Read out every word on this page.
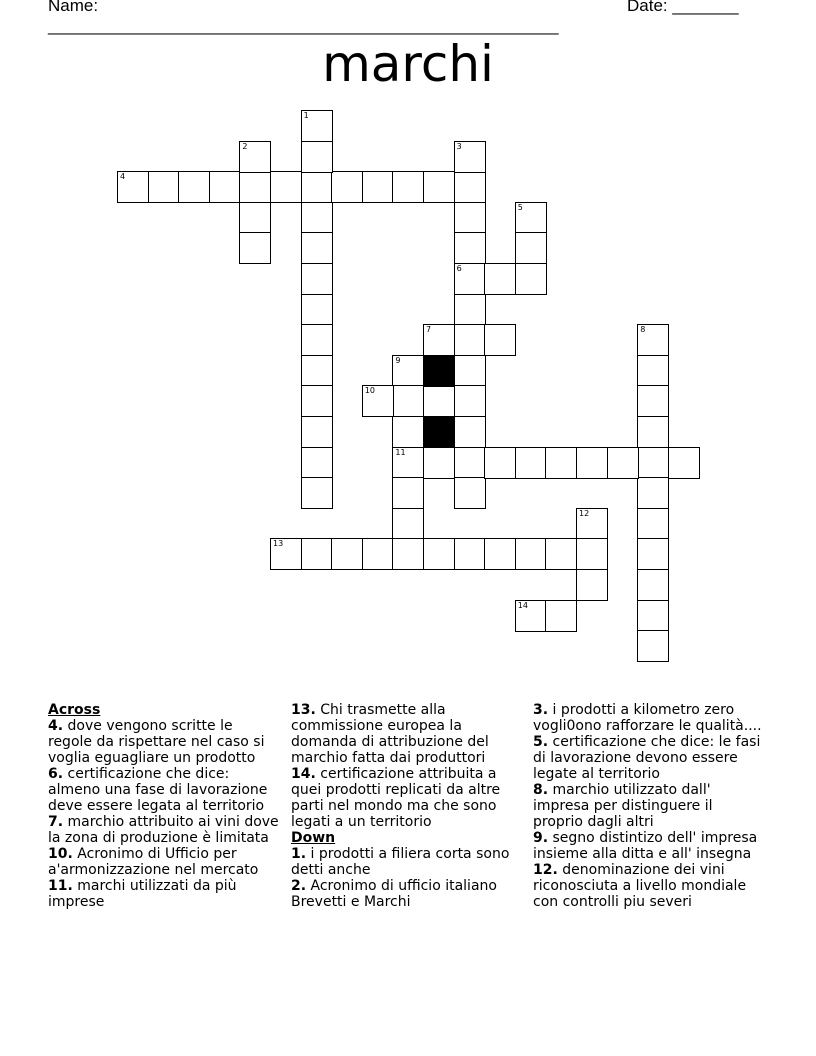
Name: ______________________________________________________
Date: _______
marchi
4
1
2	3
6
5
7	8
9
11
10
12
13
14
Across
4. dove vengono scritte le regole da rispettare nel caso si voglia eguagliare un prodotto
6. certificazione che dice: almeno una fase di lavorazione deve essere legata al territorio
7. marchio attribuito ai vini dove la zona di produzione è limitata
10. Acronimo di Ufficio per a'armonizzazione nel mercato
11. marchi utilizzati da più imprese
13. Chi trasmette alla commissione europea la domanda di attribuzione del marchio fatta dai produttori
14. certificazione attribuita a quei prodotti replicati da altre parti nel mondo ma che sono legati a un territorio
Down
1. i prodotti a filiera corta sono detti anche
2. Acronimo di ufficio italiano Brevetti e Marchi
3. i prodotti a kilometro zero vogli0ono rafforzare le qualità....
5. certificazione che dice: le fasi di lavorazione devono essere legate al territorio
8. marchio utilizzato dall' impresa per distinguere il proprio dagli altri
9. segno distintizo dell' impresa insieme alla ditta e all' insegna
12. denominazione dei vini riconosciuta a livello mondiale con controlli piu severi
